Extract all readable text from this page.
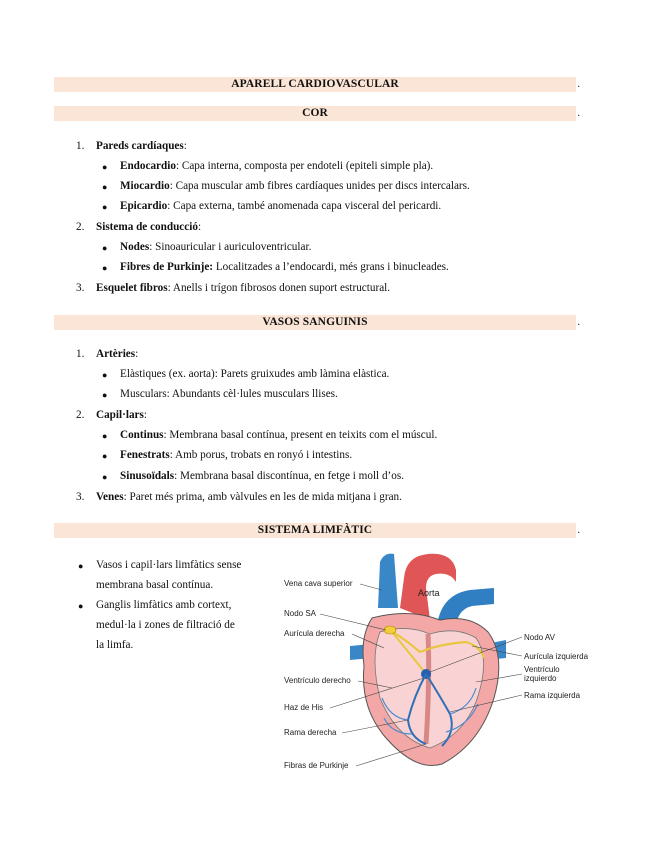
APARELL CARDIOVASCULAR	.
COR	.
1. Pareds cardíaques:
● Endocardio: Capa interna, composta per endoteli (epiteli simple pla).
● Miocardio: Capa muscular amb fibres cardíaques unides per discs intercalars.
● Epicardio: Capa externa, també anomenada capa visceral del pericardi.
2. Sistema de conducció:
● Nodes: Sinoauricular i auriculoventricular.
● Fibres de Purkinje: Localitzades a l’endocardi, més grans i binucleades.
3. Esquelet fibros: Anells i trígon fibrosos donen suport estructural.
VASOS SANGUINIS	.
1. Artèries:
● Elàstiques (ex. aorta): Parets gruixudes amb làmina elàstica.
● Musculars: Abundants cèl·lules musculars llises.
2. Capil·lars:
● Continus: Membrana basal contínua, present en teixits com el múscul.
● Fenestrats: Amb porus, trobats en ronyó i intestins.
● Sinusoïdals: Membrana basal discontínua, en fetge i moll d’os.
3. Venes: Paret més prima, amb vàlvules en les de mida mitjana i gran.
SISTEMA LIMFÀTIC	.
● Vasos i capil·lars limfàtics sense
membrana basal contínua.
● Ganglis limfàtics amb cortext,
medul·la i zones de filtració de
la limfa.
Aorta
Vena cava superior
Nodo SA
Aurícula derecha
Ventrículo derecho
Haz de His
Rama derecha
Fibras de Purkinje
Nodo AV
Aurícula izquierda
Ventrículo
izquierdo
Rama izquierda
